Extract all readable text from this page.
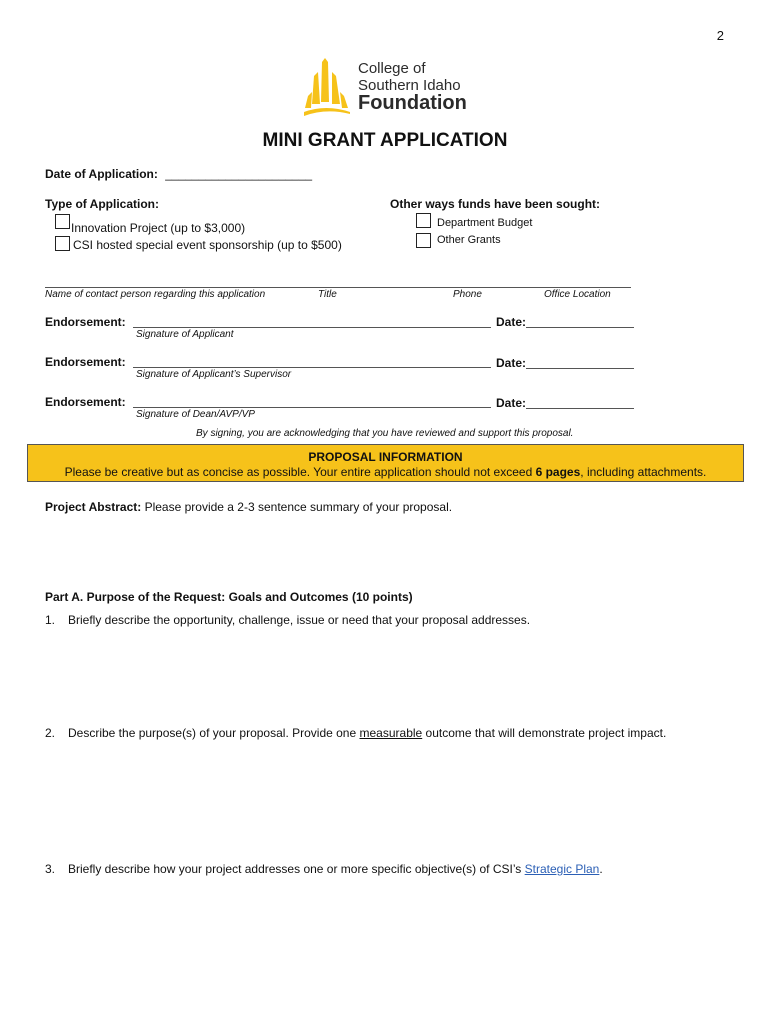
2
College of
Southern Idaho
Foundation
MINI GRANT APPLICATION
Date of Application: ______________________
Type of Application:
Innovation Project (up to $3,000)
CSI hosted special event sponsorship (up to $500)
Other ways funds have been sought:
Department Budget
Other Grants
Name of contact person regarding this application	Title	Phone	Office Location
Endorsement:	Date:
Signature of Applicant
Endorsement:	Date:
Signature of Applicant’s Supervisor
Endorsement:	Date:
Signature of Dean/AVP/VP
By signing, you are acknowledging that you have reviewed and support this proposal.
PROPOSAL INFORMATION
Please be creative but as concise as possible. Your entire application should not exceed 6 pages, including attachments.
Project Abstract: Please provide a 2-3 sentence summary of your proposal.
Part A. Purpose of the Request: Goals and Outcomes (10 points)
1. Briefly describe the opportunity, challenge, issue or need that your proposal addresses.
2. Describe the purpose(s) of your proposal. Provide one measurable outcome that will demonstrate project impact.
3. Briefly describe how your project addresses one or more specific objective(s) of CSI’s Strategic Plan.
